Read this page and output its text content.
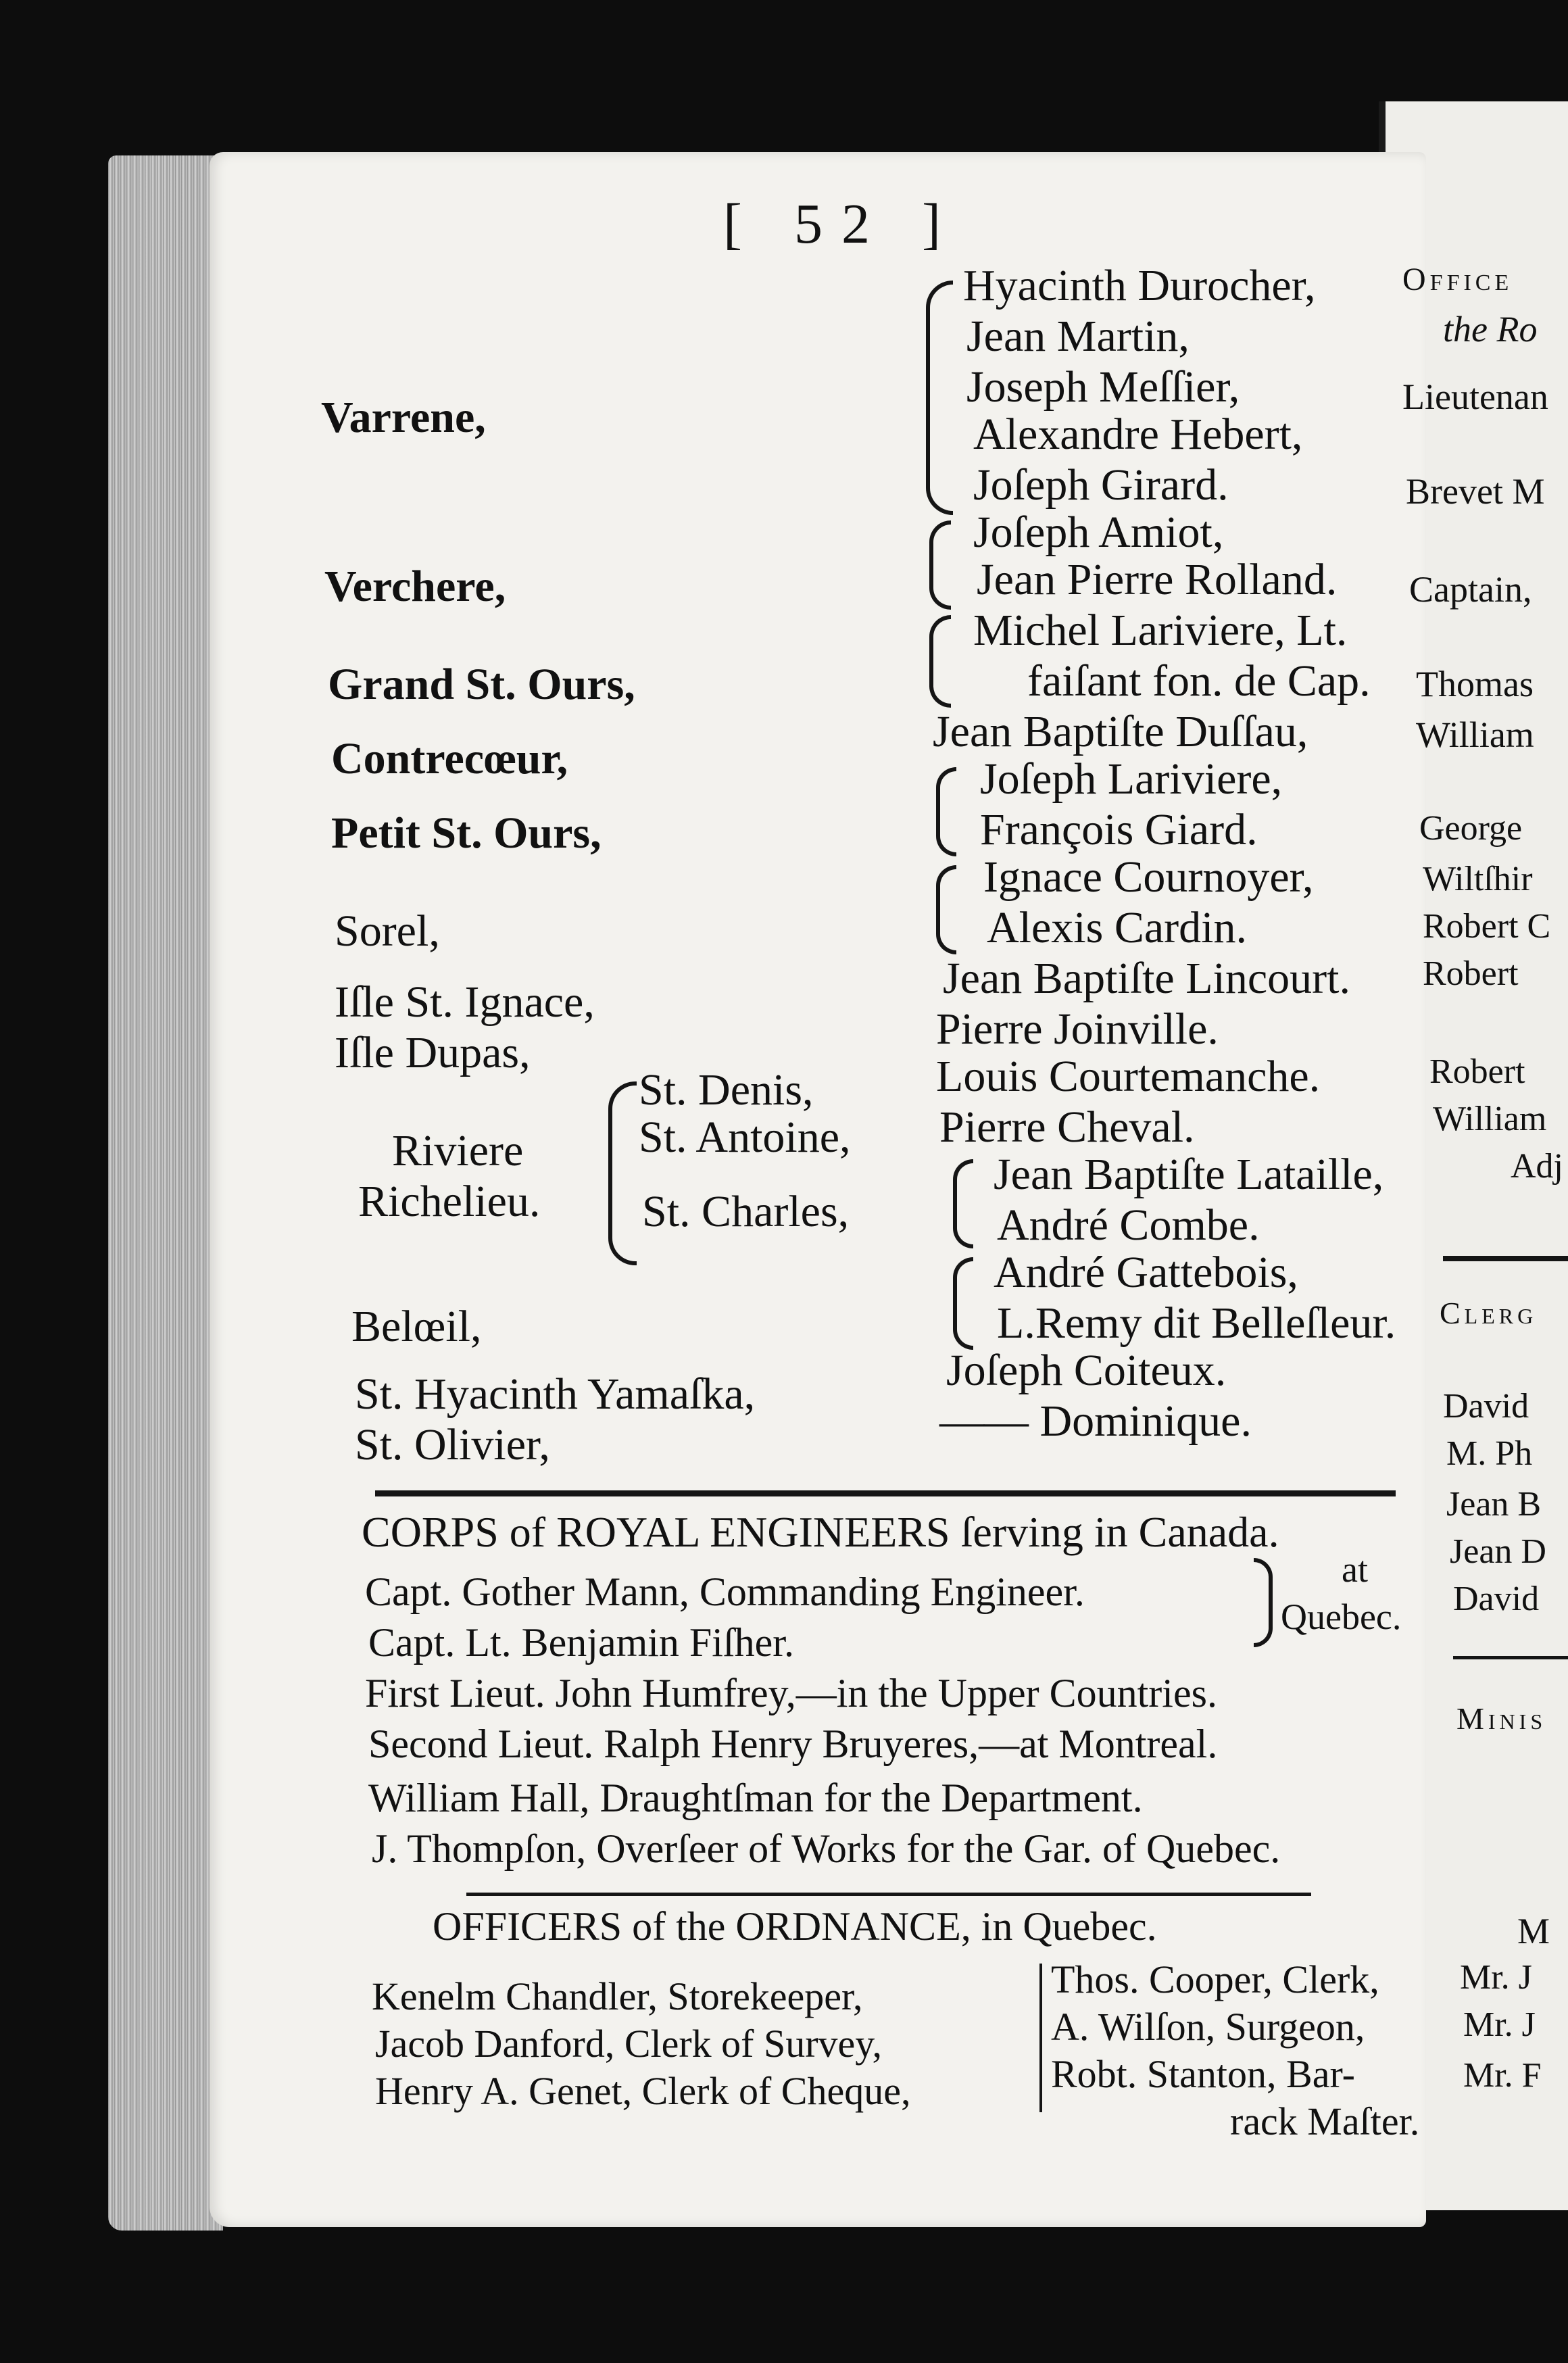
[ 52 ]
Varrene,
Verchere,
Grand St. Ours,
Contrecœur,
Petit St. Ours,
Sorel,
Iſle St. Ignace,
Iſle Dupas,
Riviere
Richelieu.
St. Denis,
St. Antoine,
St. Charles,
Belœil,
St. Hyacinth Yamaſka,
St. Olivier,
Hyacinth Durocher,
Jean Martin,
Joseph Meſſier,
Alexandre Hebert,
Joſeph Girard.
Joſeph Amiot,
Jean Pierre Rolland.
Michel Lariviere, Lt.
faiſant fon. de Cap.
Jean Baptiſte Duſſau,
Joſeph Lariviere,
François Giard.
Ignace Cournoyer,
Alexis Cardin.
Jean Baptiſte Lincourt.
Pierre Joinville.
Louis Courtemanche.
Pierre Cheval.
Jean Baptiſte Lataille,
André Combe.
André Gattebois,
L.Remy dit Belleſleur.
Joſeph Coiteux.
—— Dominique.
CORPS of ROYAL ENGINEERS ſerving in Canada.
Capt. Gother Mann, Commanding Engineer.
Capt. Lt. Benjamin Fiſher.
First Lieut. John Humfrey,—in the Upper Countries.
Second Lieut. Ralph Henry Bruyeres,—at Montreal.
William Hall, Draughtſman for the Department.
J. Thompſon, Overſeer of Works for the Gar. of Quebec.
at
Quebec.
OFFICERS of the ORDNANCE, in Quebec.
Kenelm Chandler, Storekeeper,
Jacob Danford, Clerk of Survey,
Henry A. Genet, Clerk of Cheque,
Thos. Cooper, Clerk,
A. Wilſon, Surgeon,
Robt. Stanton, Bar-
rack Maſter.
Office
the Ro
Lieutenan
Brevet M
Captain,
Thomas
William
George
Wiltſhir
Robert C
Robert
Robert
William
Adj
Clerg
David
M. Ph
Jean B
Jean D
David
Minis
M
Mr. J
Mr. J
Mr. F
